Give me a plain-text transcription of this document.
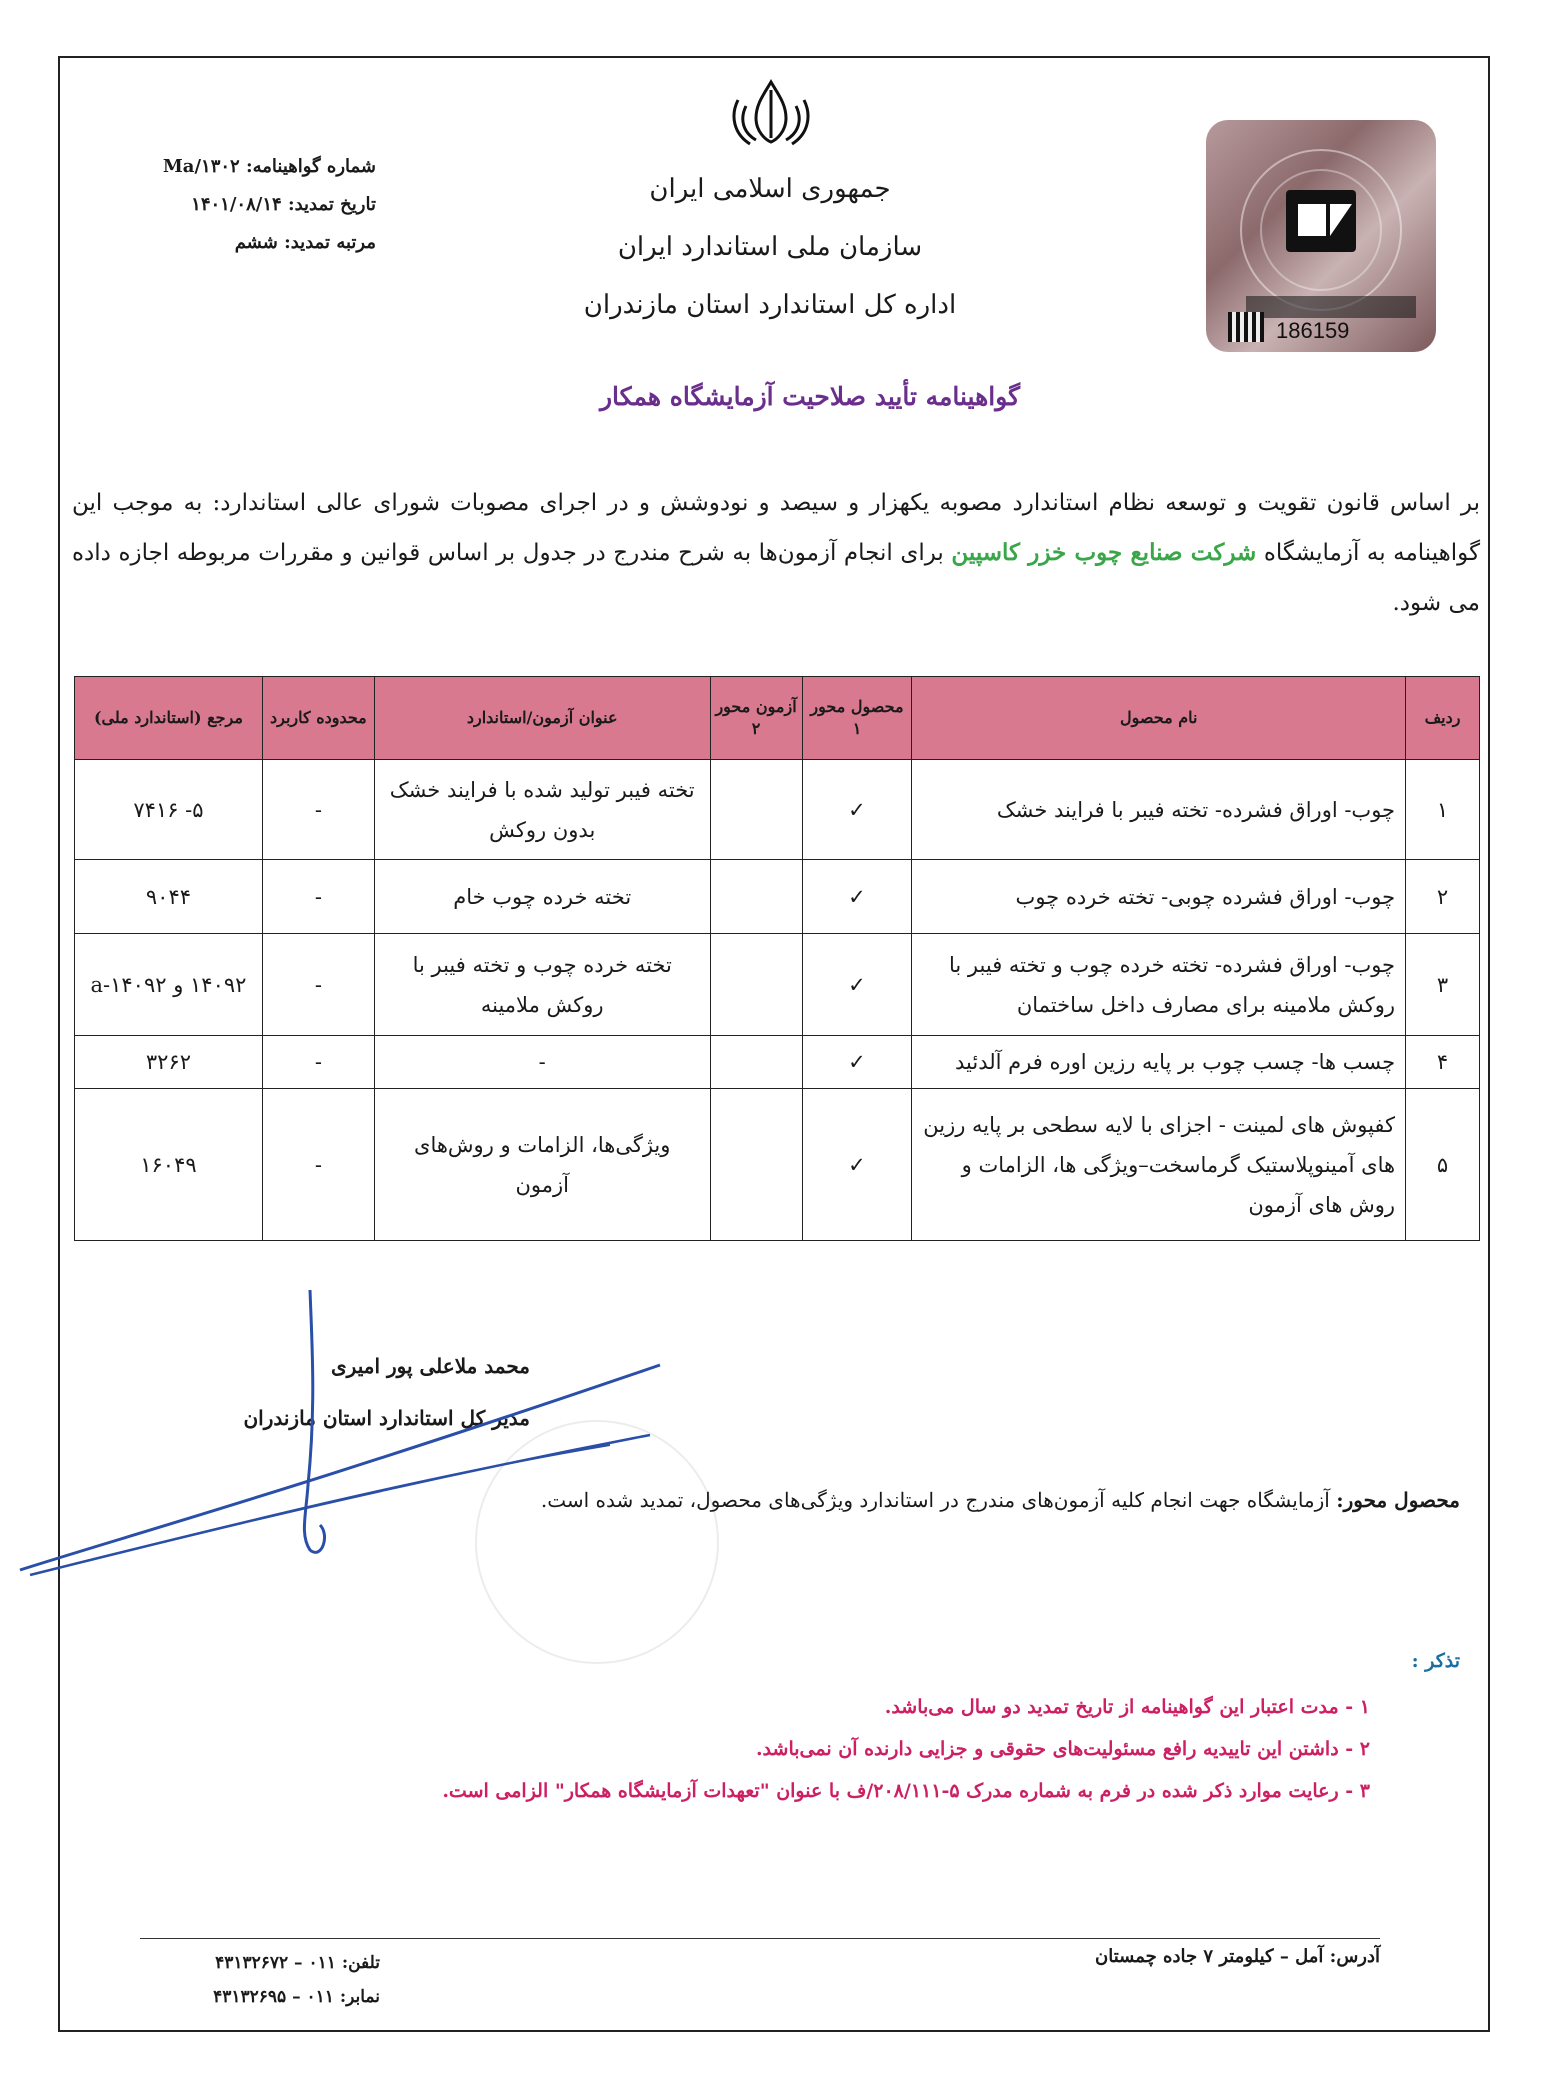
جمهوری اسلامی ایران
سازمان ملی استاندارد ایران
اداره کل استاندارد استان مازندران
شماره گواهینامه: Ma/۱۳۰۲
تاریخ تمدید: ۱۴۰۱/۰۸/۱۴
مرتبه تمدید: ششم
186159
گواهینامه تأیید صلاحیت آزمایشگاه همکار
بر اساس قانون تقویت و توسعه نظام استاندارد مصوبه یکهزار و سیصد و نودوشش و در اجرای مصوبات شورای عالی استاندارد: به موجب این گواهینامه به آزمایشگاه شرکت صنایع چوب خزر کاسپین برای انجام آزمون‌ها به شرح مندرج در جدول بر اساس قوانین و مقررات مربوطه اجازه داده می شود.
ردیف	نام محصول	محصول محور ۱	آزمون محور ۲	عنوان آزمون/استاندارد	محدوده کاربرد	مرجع (استاندارد ملی)
۱	چوب- اوراق فشرده- تخته فیبر با فرایند خشک	✓		تخته فیبر تولید شده با فرایند خشک بدون روکش	-	۵- ۷۴۱۶
۲	چوب- اوراق فشرده چوبی- تخته خرده چوب	✓		تخته خرده چوب خام	-	۹۰۴۴
۳	چوب- اوراق فشرده- تخته خرده چوب و تخته فیبر با روکش ملامینه برای مصارف داخل ساختمان	✓		تخته خرده چوب و تخته فیبر با روکش ملامینه	-	۱۴۰۹۲ و ۱۴۰۹۲-a
۴	چسب ها- چسب چوب بر پایه رزین اوره فرم آلدئید	✓		-	-	۳۲۶۲
۵	کفپوش های لمینت - اجزای با لایه سطحی بر پایه رزین های آمینوپلاستیک گرماسخت–ویژگی ها، الزامات و روش های آزمون	✓		ویژگی‌ها، الزامات و روش‌های آزمون	-	۱۶۰۴۹
محمد ملاعلی پور امیری
مدیر کل استاندارد استان مازندران
محصول محور: آزمایشگاه جهت انجام کلیه آزمون‌های مندرج در استاندارد ویژگی‌های محصول، تمدید شده است.
تذکر :
۱ - مدت اعتبار این گواهینامه از تاریخ تمدید دو سال می‌باشد.
۲ - داشتن این تاییدیه رافع مسئولیت‌های حقوقی و جزایی دارنده آن نمی‌باشد.
۳ - رعایت موارد ذکر شده در فرم به شماره مدرک ۵-۲۰۸/۱۱۱/ف با عنوان "تعهدات آزمایشگاه همکار" الزامی است.
آدرس: آمل – کیلومتر ۷ جاده چمستان
تلفن: ۰۱۱ – ۴۳۱۳۲۶۷۲
نمابر: ۰۱۱ – ۴۳۱۳۲۶۹۵
